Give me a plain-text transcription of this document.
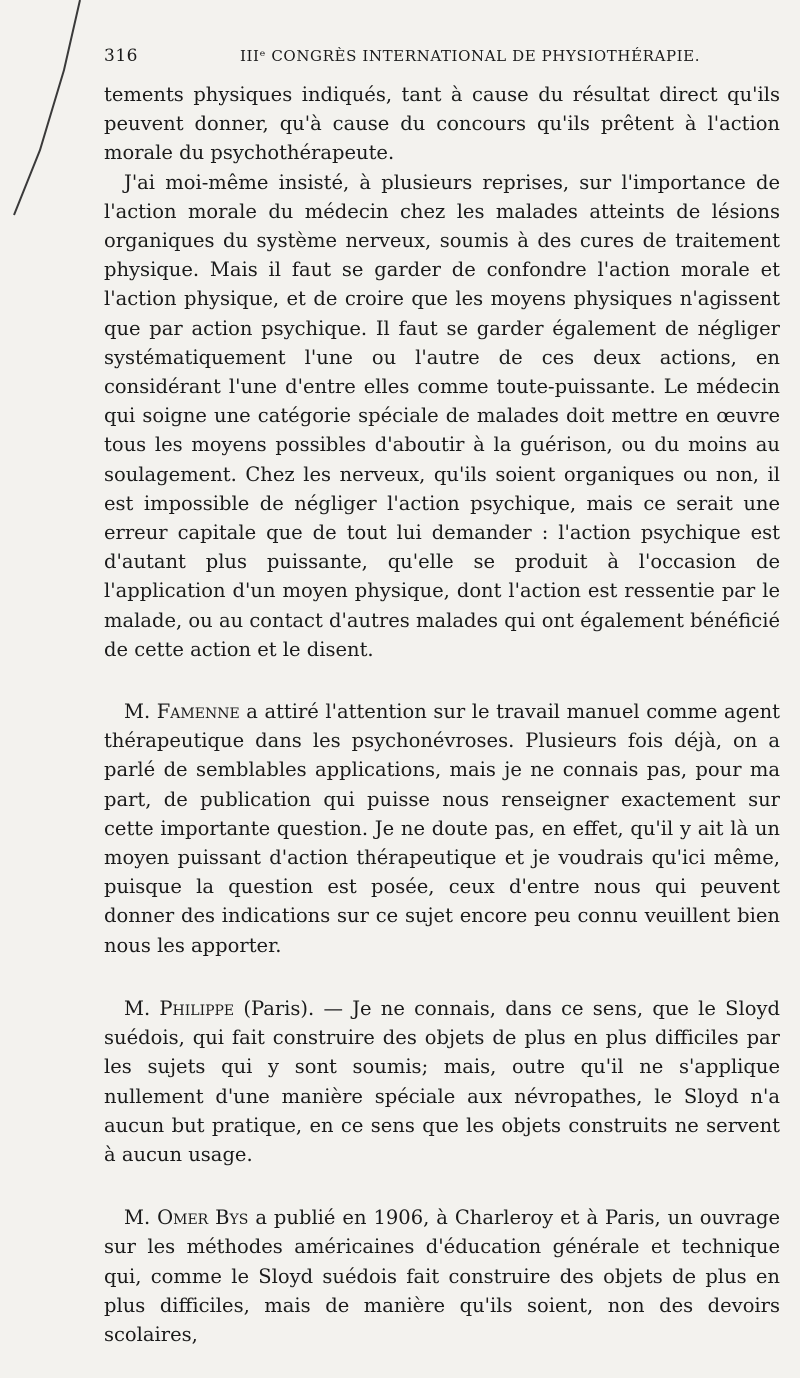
316	IIIᵉ CONGRÈS INTERNATIONAL DE PHYSIOTHÉRAPIE.

tements physiques indiqués, tant à cause du résultat direct qu'ils peuvent donner, qu'à cause du concours qu'ils prêtent à l'action morale du psychothérapeute.

J'ai moi-même insisté, à plusieurs reprises, sur l'importance de l'action morale du médecin chez les malades atteints de lésions organiques du système nerveux, soumis à des cures de traitement physique. Mais il faut se garder de confondre l'action morale et l'action physique, et de croire que les moyens physiques n'agissent que par action psychique. Il faut se garder également de négliger systématiquement l'une ou l'autre de ces deux actions, en considérant l'une d'entre elles comme toute-puissante. Le médecin qui soigne une catégorie spéciale de malades doit mettre en œuvre tous les moyens possibles d'aboutir à la guérison, ou du moins au soulagement. Chez les nerveux, qu'ils soient organiques ou non, il est impossible de négliger l'action psychique, mais ce serait une erreur capitale que de tout lui demander : l'action psychique est d'autant plus puissante, qu'elle se produit à l'occasion de l'application d'un moyen physique, dont l'action est ressentie par le malade, ou au contact d'autres malades qui ont également bénéficié de cette action et le disent.

M. Famenne a attiré l'attention sur le travail manuel comme agent thérapeutique dans les psychonévroses. Plusieurs fois déjà, on a parlé de semblables applications, mais je ne connais pas, pour ma part, de publication qui puisse nous renseigner exactement sur cette importante question. Je ne doute pas, en effet, qu'il y ait là un moyen puissant d'action thérapeutique et je voudrais qu'ici même, puisque la question est posée, ceux d'entre nous qui peuvent donner des indications sur ce sujet encore peu connu veuillent bien nous les apporter.

M. Philippe (Paris). — Je ne connais, dans ce sens, que le Sloyd suédois, qui fait construire des objets de plus en plus difficiles par les sujets qui y sont soumis; mais, outre qu'il ne s'applique nullement d'une manière spéciale aux névropathes, le Sloyd n'a aucun but pratique, en ce sens que les objets construits ne servent à aucun usage.

M. Omer Bys a publié en 1906, à Charleroy et à Paris, un ouvrage sur les méthodes américaines d'éducation générale et technique qui, comme le Sloyd suédois fait construire des objets de plus en plus difficiles, mais de manière qu'ils soient, non des devoirs scolaires,
